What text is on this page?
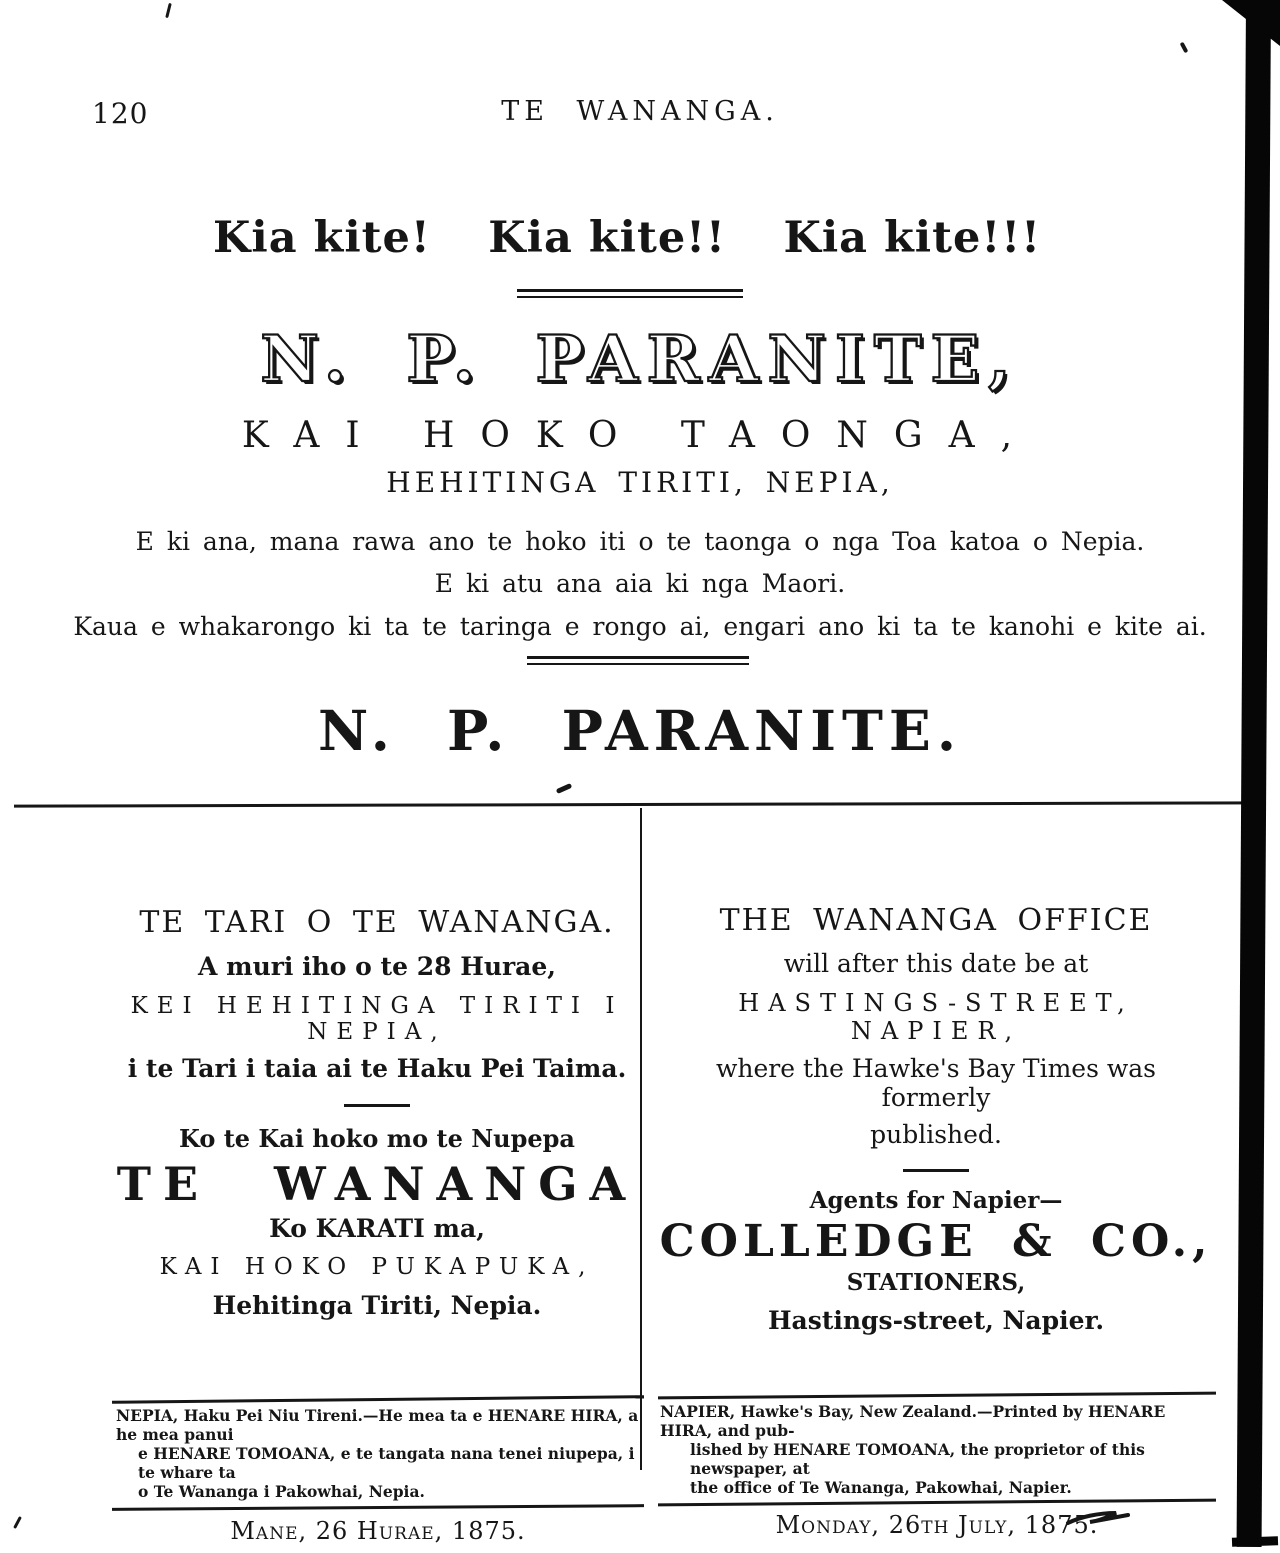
120	TE WANANGA.
Kia kite! Kia kite!! Kia kite!!!
N. P. PARANITE,
KAI HOKO TAONGA,
HEHITINGA TIRITI, NEPIA,
E ki ana, mana rawa ano te hoko iti o te taonga o nga Toa katoa o Nepia.
E ki atu ana aia ki nga Maori.
Kaua e whakarongo ki ta te taringa e rongo ai, engari ano ki ta te kanohi e kite ai.
N. P. PARANITE.
TE TARI O TE WANANGA.
A muri iho o te 28 Hurae,
KEI HEHITINGA TIRITI I NEPIA,
i te Tari i taia ai te Haku Pei Taima.
Ko te Kai hoko mo te Nupepa
TE WANANGA
Ko KARATI ma,
KAI HOKO PUKAPUKA,
Hehitinga Tiriti, Nepia.
THE WANANGA OFFICE
will after this date be at
HASTINGS-STREET, NAPIER,
where the Hawke's Bay Times was formerly
published.
Agents for Napier—
COLLEDGE & CO.,
STATIONERS,
Hastings-street, Napier.
NEPIA, Haku Pei Niu Tireni.—He mea ta e HENARE HIRA, a he mea panui
e HENARE TOMOANA, e te tangata nana tenei niupepa, i te whare ta
o Te Wananga i Pakowhai, Nepia.
Mane, 26 Hurae, 1875.
NAPIER, Hawke's Bay, New Zealand.—Printed by HENARE HIRA, and pub-
lished by HENARE TOMOANA, the proprietor of this newspaper, at
the office of Te Wananga, Pakowhai, Napier.
Monday, 26th July, 1875.
